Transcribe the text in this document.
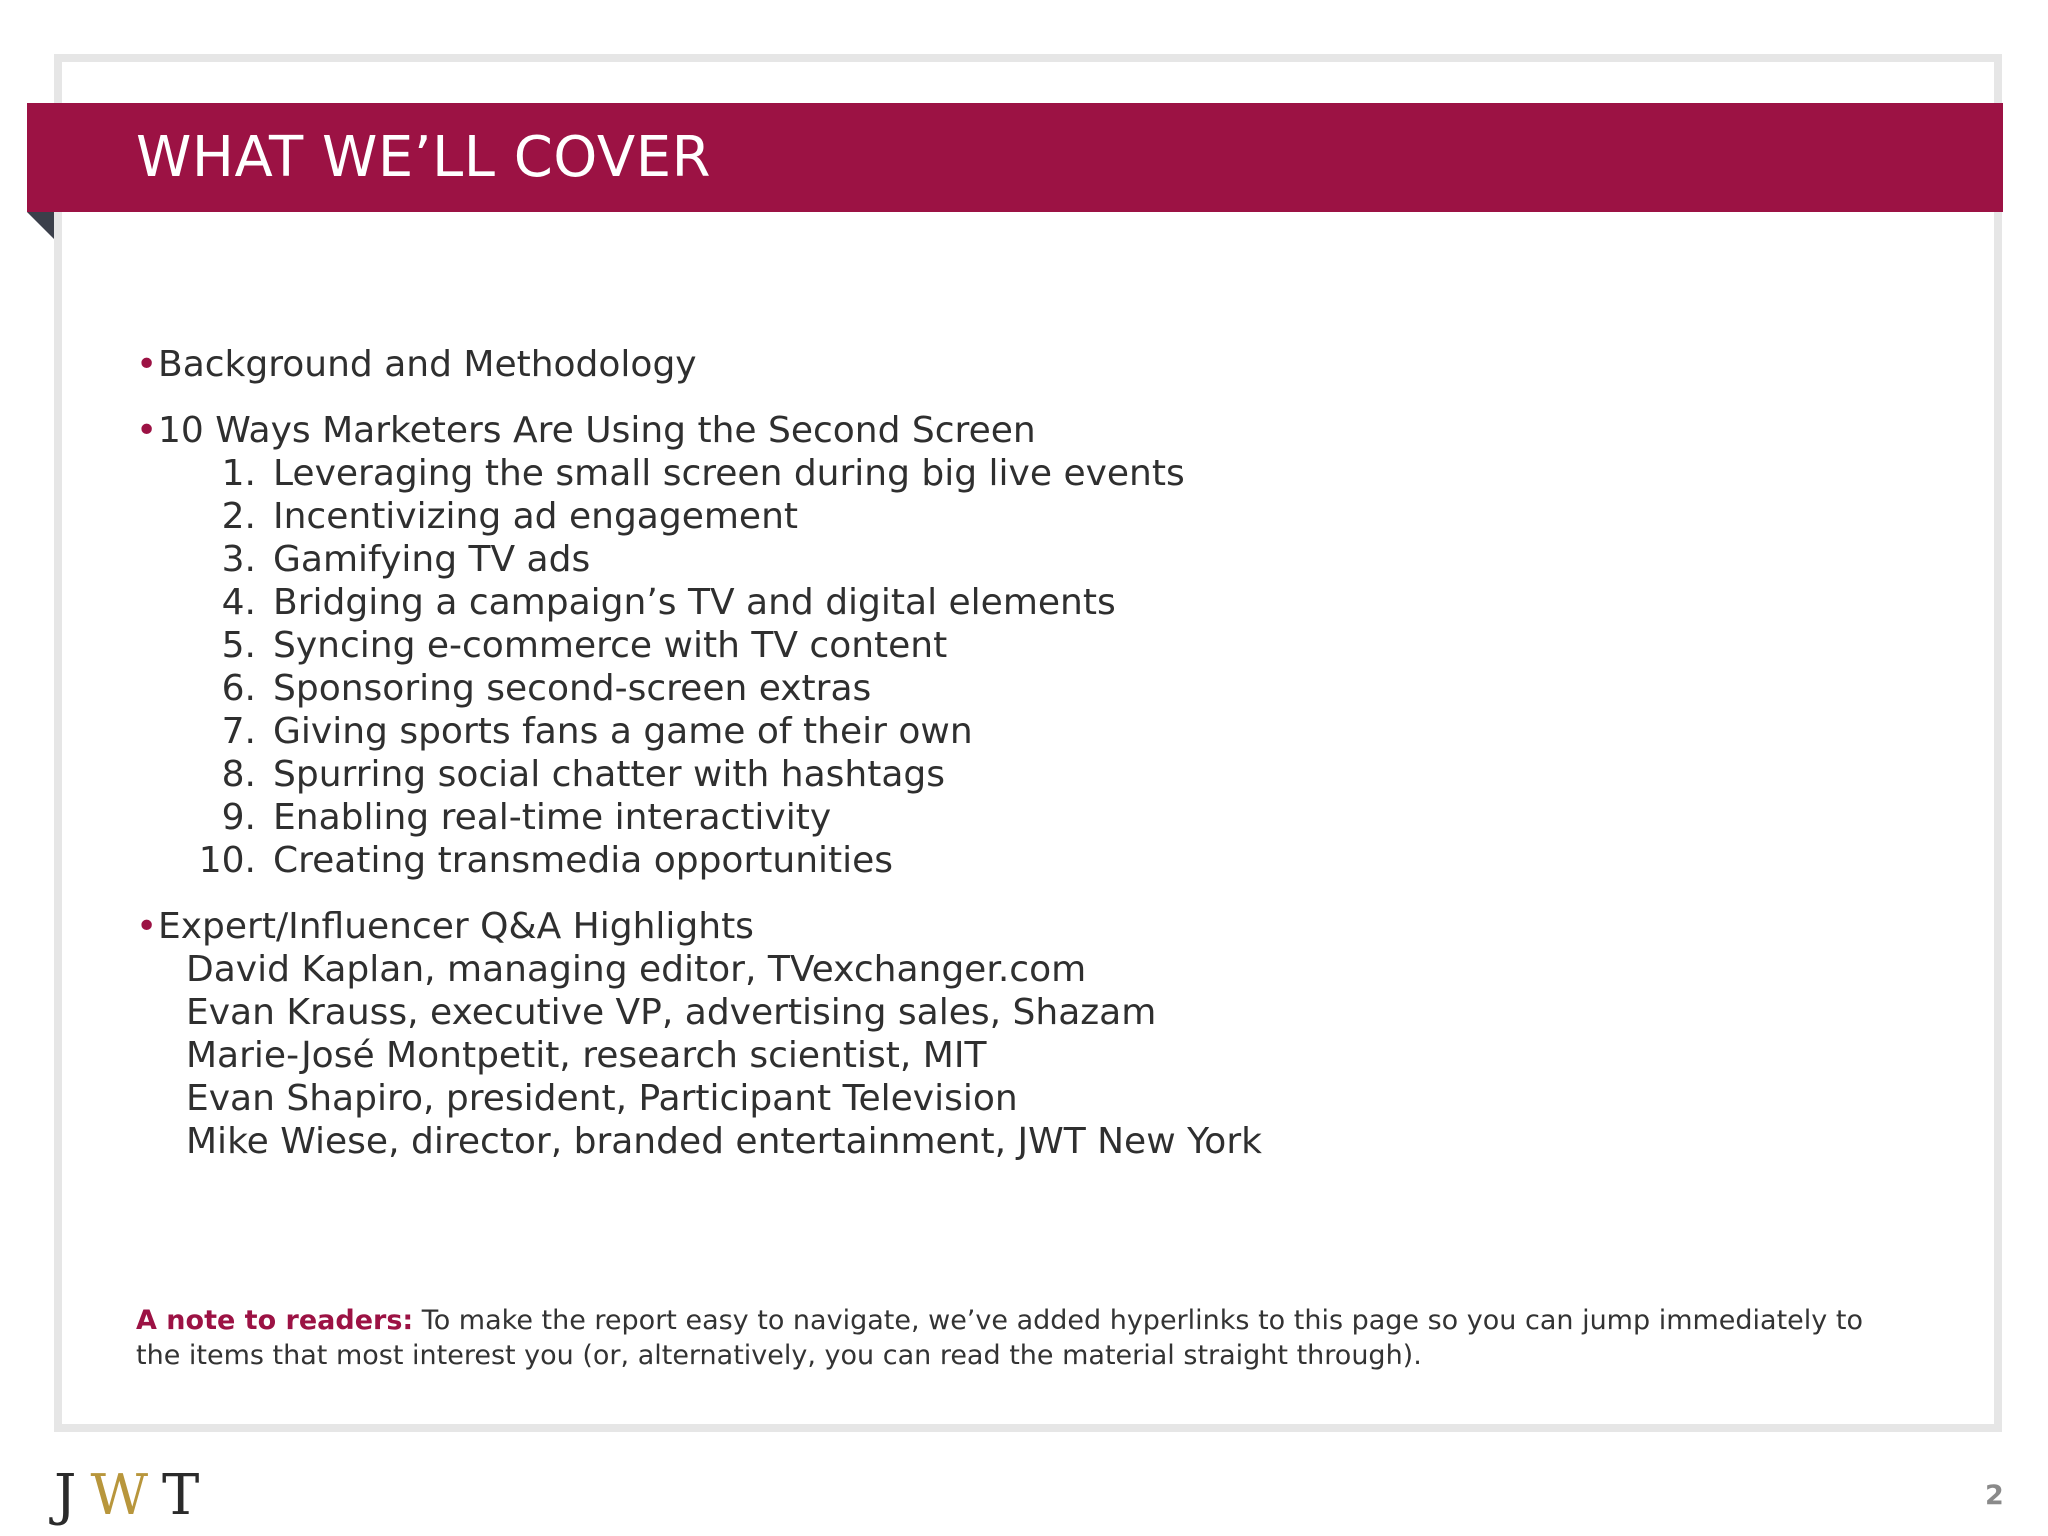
WHAT WE’LL COVER
•Background and Methodology
•10 Ways Marketers Are Using the Second Screen
1. Leveraging the small screen during big live events
2. Incentivizing ad engagement
3. Gamifying TV ads
4. Bridging a campaign’s TV and digital elements
5. Syncing e-commerce with TV content
6. Sponsoring second-screen extras
7. Giving sports fans a game of their own
8. Spurring social chatter with hashtags
9. Enabling real-time interactivity
10. Creating transmedia opportunities
•Expert/Influencer Q&A Highlights
David Kaplan, managing editor, TVexchanger.com
Evan Krauss, executive VP, advertising sales, Shazam
Marie-José Montpetit, research scientist, MIT
Evan Shapiro, president, Participant Television
Mike Wiese, director, branded entertainment, JWT New York
A note to readers: To make the report easy to navigate, we’ve added hyperlinks to this page so you can jump immediately to the items that most interest you (or, alternatively, you can read the material straight through).
J W T	2
